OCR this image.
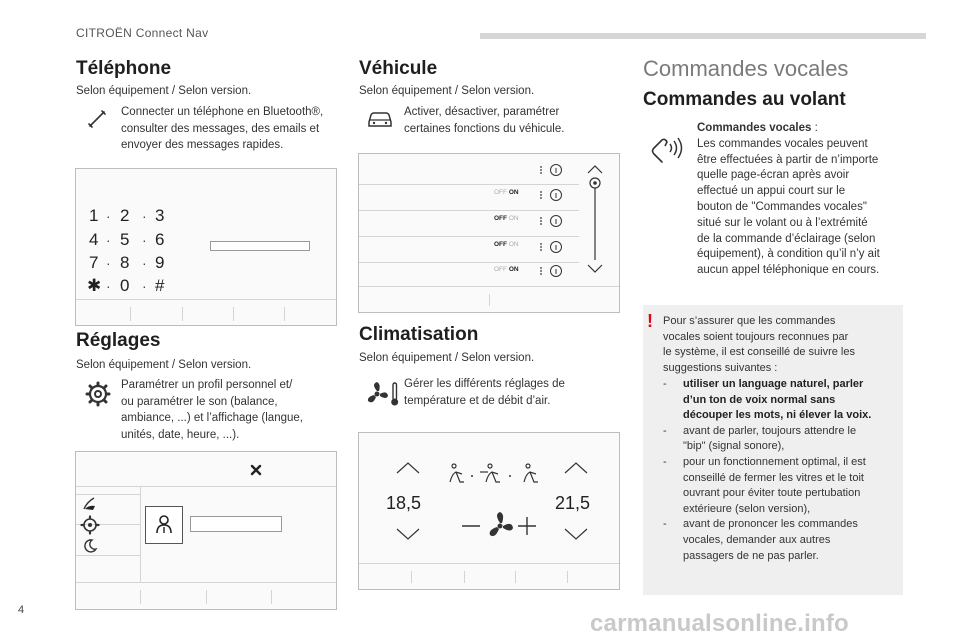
CITROËN Connect Nav
4	carmanualsonline.info
Téléphone
Selon équipement / Selon version.
Connecter un téléphone en Bluetooth®,
consulter des messages, des emails et
envoyer des messages rapides.
1 2 3
4 5 6
7 8 9
✱ 0 #
· ·
· ·
· ·
· ·
Réglages
Selon équipement / Selon version.
Paramétrer un profil personnel et/
ou paramétrer le son (balance,
ambiance, ...) et l’affichage (langue,
unités, date, heure, ...).
Véhicule
Selon équipement / Selon version.
Activer, désactiver, paramétrer
certaines fonctions du véhicule.
OFF ON
OFF ON
OFF ON
OFF ON
Climatisation
Selon équipement / Selon version.
Gérer les différents réglages de
température et de débit d’air.
18,5	21,5
Commandes vocales
Commandes au volant
Commandes vocales :
Les commandes vocales peuvent
être effectuées à partir de n’importe
quelle page-écran après avoir
effectué un appui court sur le
bouton de "Commandes vocales"
situé sur le volant ou à l’extrémité
de la commande d’éclairage (selon
équipement), à condition qu’il n’y ait
aucun appel téléphonique en cours.
! Pour s’assurer que les commandes
vocales soient toujours reconnues par
le système, il est conseillé de suivre les
suggestions suivantes :
- utiliser un language naturel, parler
d’un ton de voix normal sans
découper les mots, ni élever la voix.
- avant de parler, toujours attendre le
"bip" (signal sonore),
- pour un fonctionnement optimal, il est
conseillé de fermer les vitres et le toit
ouvrant pour éviter toute pertubation
extérieure (selon version),
- avant de prononcer les commandes
vocales, demander aux autres
passagers de ne pas parler.
